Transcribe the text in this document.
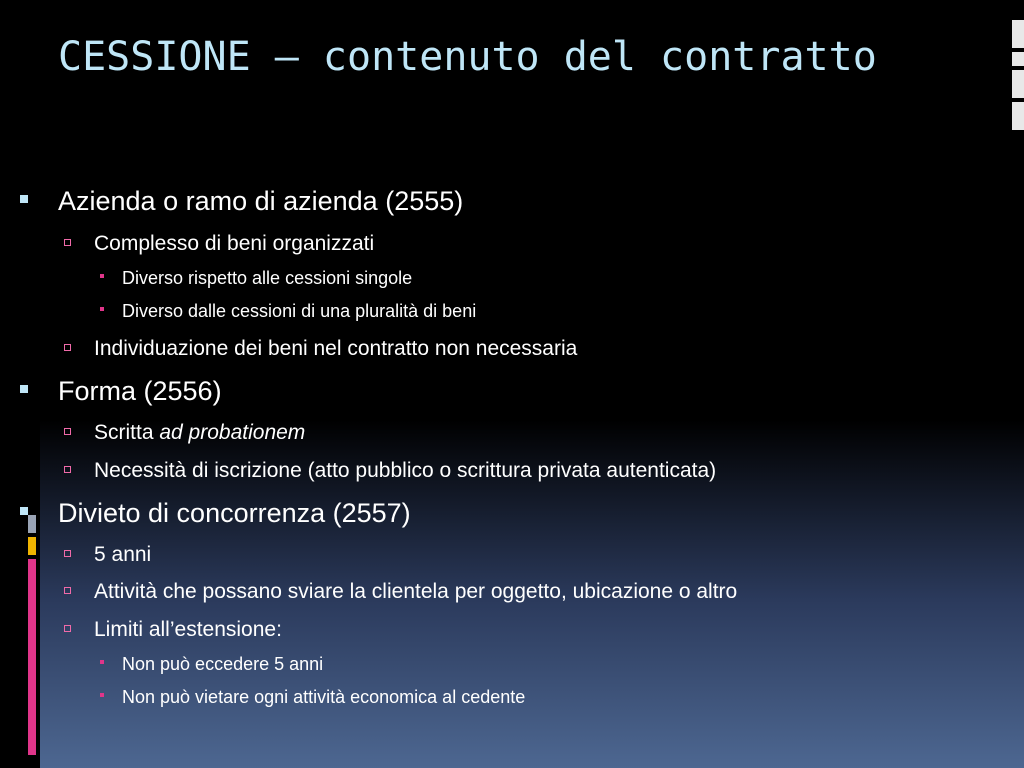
CESSIONE – contenuto del contratto
Azienda o ramo di azienda (2555)
Complesso di beni organizzati
Diverso rispetto alle cessioni singole
Diverso dalle cessioni di una pluralità di beni
Individuazione dei beni nel contratto non necessaria
Forma (2556)
Scritta ad probationem
Necessità di iscrizione (atto pubblico o scrittura privata autenticata)
Divieto di concorrenza (2557)
5 anni
Attività che possano sviare la clientela per oggetto, ubicazione o altro
Limiti all’estensione:
Non può eccedere 5 anni
Non può vietare ogni attività economica al cedente
